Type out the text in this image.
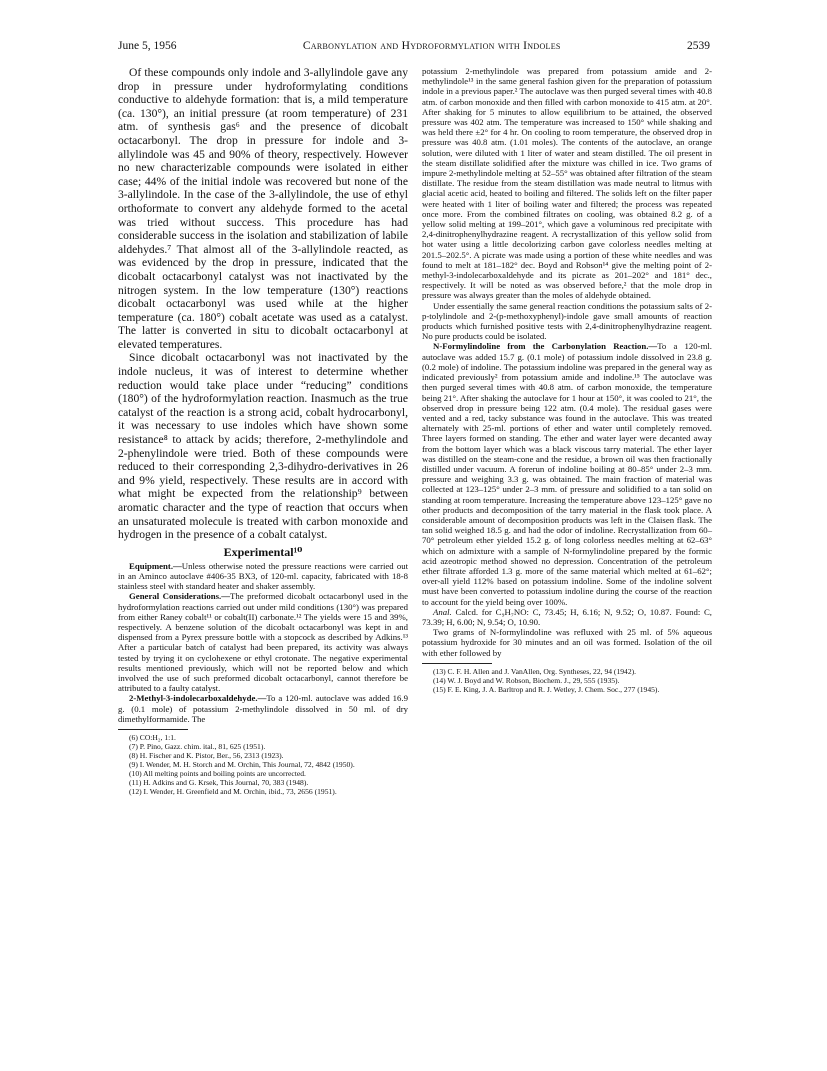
June 5, 1956	Carbonylation and Hydroformylation with Indoles	2539

Of these compounds only indole and 3-allylindole gave any drop in pressure under hydroformylating conditions conductive to aldehyde formation: that is, a mild temperature (ca. 130°), an initial pressure (at room temperature) of 231 atm. of synthesis gas⁶ and the presence of dicobalt octacarbonyl. The drop in pressure for indole and 3-allylindole was 45 and 90% of theory, respectively. However no new characterizable compounds were isolated in either case; 44% of the initial indole was recovered but none of the 3-allylindole. In the case of the 3-allylindole, the use of ethyl orthoformate to convert any aldehyde formed to the acetal was tried without success. This procedure has had considerable success in the isolation and stabilization of labile aldehydes.⁷ That almost all of the 3-allylindole reacted, as was evidenced by the drop in pressure, indicated that the dicobalt octacarbonyl catalyst was not inactivated by the nitrogen system. In the low temperature (130°) reactions dicobalt octacarbonyl was used while at the higher temperature (ca. 180°) cobalt acetate was used as a catalyst. The latter is converted in situ to dicobalt octacarbonyl at elevated temperatures.

Since dicobalt octacarbonyl was not inactivated by the indole nucleus, it was of interest to determine whether reduction would take place under “reducing” conditions (180°) of the hydroformylation reaction. Inasmuch as the true catalyst of the reaction is a strong acid, cobalt hydrocarbonyl, it was necessary to use indoles which have shown some resistance⁸ to attack by acids; therefore, 2-methylindole and 2-phenylindole were tried. Both of these compounds were reduced to their corresponding 2,3-dihydro-derivatives in 26 and 9% yield, respectively. These results are in accord with what might be expected from the relationship⁹ between aromatic character and the type of reaction that occurs when an unsaturated molecule is treated with carbon monoxide and hydrogen in the presence of a cobalt catalyst.

Experimental¹⁰

Equipment.—Unless otherwise noted the pressure reactions were carried out in an Aminco autoclave #406-35 BX3, of 120-ml. capacity, fabricated with 18-8 stainless steel with standard heater and shaker assembly.

General Considerations.—The preformed dicobalt octacarbonyl used in the hydroformylation reactions carried out under mild conditions (130°) was prepared from either Raney cobalt¹¹ or cobalt(II) carbonate.¹² The yields were 15 and 39%, respectively. A benzene solution of the dicobalt octacarbonyl was kept in and dispensed from a Pyrex pressure bottle with a stopcock as described by Adkins.¹³ After a particular batch of catalyst had been prepared, its activity was always tested by trying it on cyclohexene or ethyl crotonate. The negative experimental results mentioned previously, which will not be reported below and which involved the use of such preformed dicobalt octacarbonyl, cannot therefore be attributed to a faulty catalyst.

2-Methyl-3-indolecarboxaldehyde.—To a 120-ml. autoclave was added 16.9 g. (0.1 mole) of potassium 2-methylindole dissolved in 50 ml. of dry dimethylformamide. The

(6) CO:H₂, 1:1.
(7) P. Pino, Gazz. chim. ital., 81, 625 (1951).
(8) H. Fischer and K. Pistor, Ber., 56, 2313 (1923).
(9) I. Wender, M. H. Storch and M. Orchin, This Journal, 72, 4842 (1950).
(10) All melting points and boiling points are uncorrected.
(11) H. Adkins and G. Krsek, This Journal, 70, 383 (1948).
(12) I. Wender, H. Greenfield and M. Orchin, ibid., 73, 2656 (1951).

potassium 2-methylindole was prepared from potassium amide and 2-methylindole¹³ in the same general fashion given for the preparation of potassium indole in a previous paper.² The autoclave was then purged several times with 40.8 atm. of carbon monoxide and then filled with carbon monoxide to 415 atm. at 20°. After shaking for 5 minutes to allow equilibrium to be attained, the observed pressure was 402 atm. The temperature was increased to 150° while shaking and was held there ±2° for 4 hr. On cooling to room temperature, the observed drop in pressure was 40.8 atm. (1.01 moles). The contents of the autoclave, an orange solution, were diluted with 1 liter of water and steam distilled. The oil present in the steam distillate solidified after the mixture was chilled in ice. Two grams of impure 2-methylindole melting at 52–55° was obtained after filtration of the steam distillate. The residue from the steam distillation was made neutral to litmus with glacial acetic acid, heated to boiling and filtered. The solids left on the filter paper were heated with 1 liter of boiling water and filtered; the process was repeated once more. From the combined filtrates on cooling, was obtained 8.2 g. of a yellow solid melting at 199–201°, which gave a voluminous red precipitate with 2,4-dinitrophenylhydrazine reagent. A recrystallization of this yellow solid from hot water using a little decolorizing carbon gave colorless needles melting at 201.5–202.5°. A picrate was made using a portion of these white needles and was found to melt at 181–182° dec. Boyd and Robson¹⁴ give the melting point of 2-methyl-3-indolecarboxaldehyde and its picrate as 201–202° and 181° dec., respectively. It will be noted as was observed before,² that the mole drop in pressure was always greater than the moles of aldehyde obtained.

Under essentially the same general reaction conditions the potassium salts of 2-p-tolylindole and 2-(p-methoxyphenyl)-indole gave small amounts of reaction products which furnished positive tests with 2,4-dinitrophenylhydrazine reagent. No pure products could be isolated.

N-Formylindoline from the Carbonylation Reaction.—To a 120-ml. autoclave was added 15.7 g. (0.1 mole) of potassium indole dissolved in 23.8 g. (0.2 mole) of indoline. The potassium indoline was prepared in the general way as indicated previously² from potassium amide and indoline.¹⁵ The autoclave was then purged several times with 40.8 atm. of carbon monoxide, the temperature being 21°. After shaking the autoclave for 1 hour at 150°, it was cooled to 21°, the observed drop in pressure being 122 atm. (0.4 mole). The residual gases were vented and a red, tacky substance was found in the autoclave. This was treated alternately with 25-ml. portions of ether and water until completely removed. Three layers formed on standing. The ether and water layer were decanted away from the bottom layer which was a black viscous tarry material. The ether layer was distilled on the steam-cone and the residue, a brown oil was then fractionally distilled under vacuum. A forerun of indoline boiling at 80–85° under 2–3 mm. pressure and weighing 3.3 g. was obtained. The main fraction of material was collected at 123–125° under 2–3 mm. of pressure and solidified to a tan solid on standing at room temperature. Increasing the temperature above 123–125° gave no other products and decomposition of the tarry material in the flask took place. A considerable amount of decomposition products was left in the Claisen flask. The tan solid weighed 18.5 g. and had the odor of indoline. Recrystallization from 60–70° petroleum ether yielded 15.2 g. of long colorless needles melting at 62–63° which on admixture with a sample of N-formylindoline prepared by the formic acid azeotropic method showed no depression. Concentration of the petroleum ether filtrate afforded 1.3 g. more of the same material which melted at 61–62°; over-all yield 112% based on potassium indoline. Some of the indoline solvent must have been converted to potassium indoline during the course of the reaction to account for the yield being over 100%.

Anal. Calcd. for C₉H₇NO: C, 73.45; H, 6.16; N, 9.52; O, 10.87. Found: C, 73.39; H, 6.00; N, 9.54; O, 10.90.

Two grams of N-formylindoline was refluxed with 25 ml. of 5% aqueous potassium hydroxide for 30 minutes and an oil was formed. Isolation of the oil with ether followed by

(13) C. F. H. Allen and J. VanAllen, Org. Syntheses, 22, 94 (1942).
(14) W. J. Boyd and W. Robson, Biochem. J., 29, 555 (1935).
(15) F. E. King, J. A. Barltrop and R. J. Wetley, J. Chem. Soc., 277 (1945).
